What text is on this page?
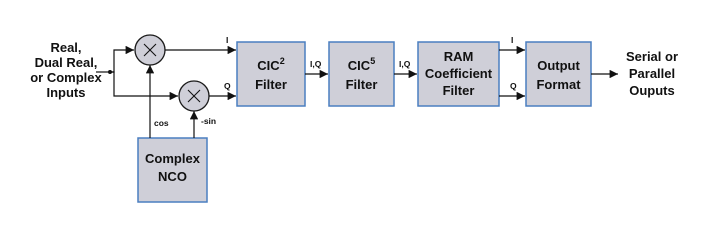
Real,
Dual Real,
or Complex
Inputs
I
Q
Complex
NCO
cos	-sin
CIC$^2$
Filter
I,Q CIC$^5$
Filter
I,Q	RAM
Coefficient
Filter
I
Q
Output
Format
Serial or
Parallel
Ouputs
